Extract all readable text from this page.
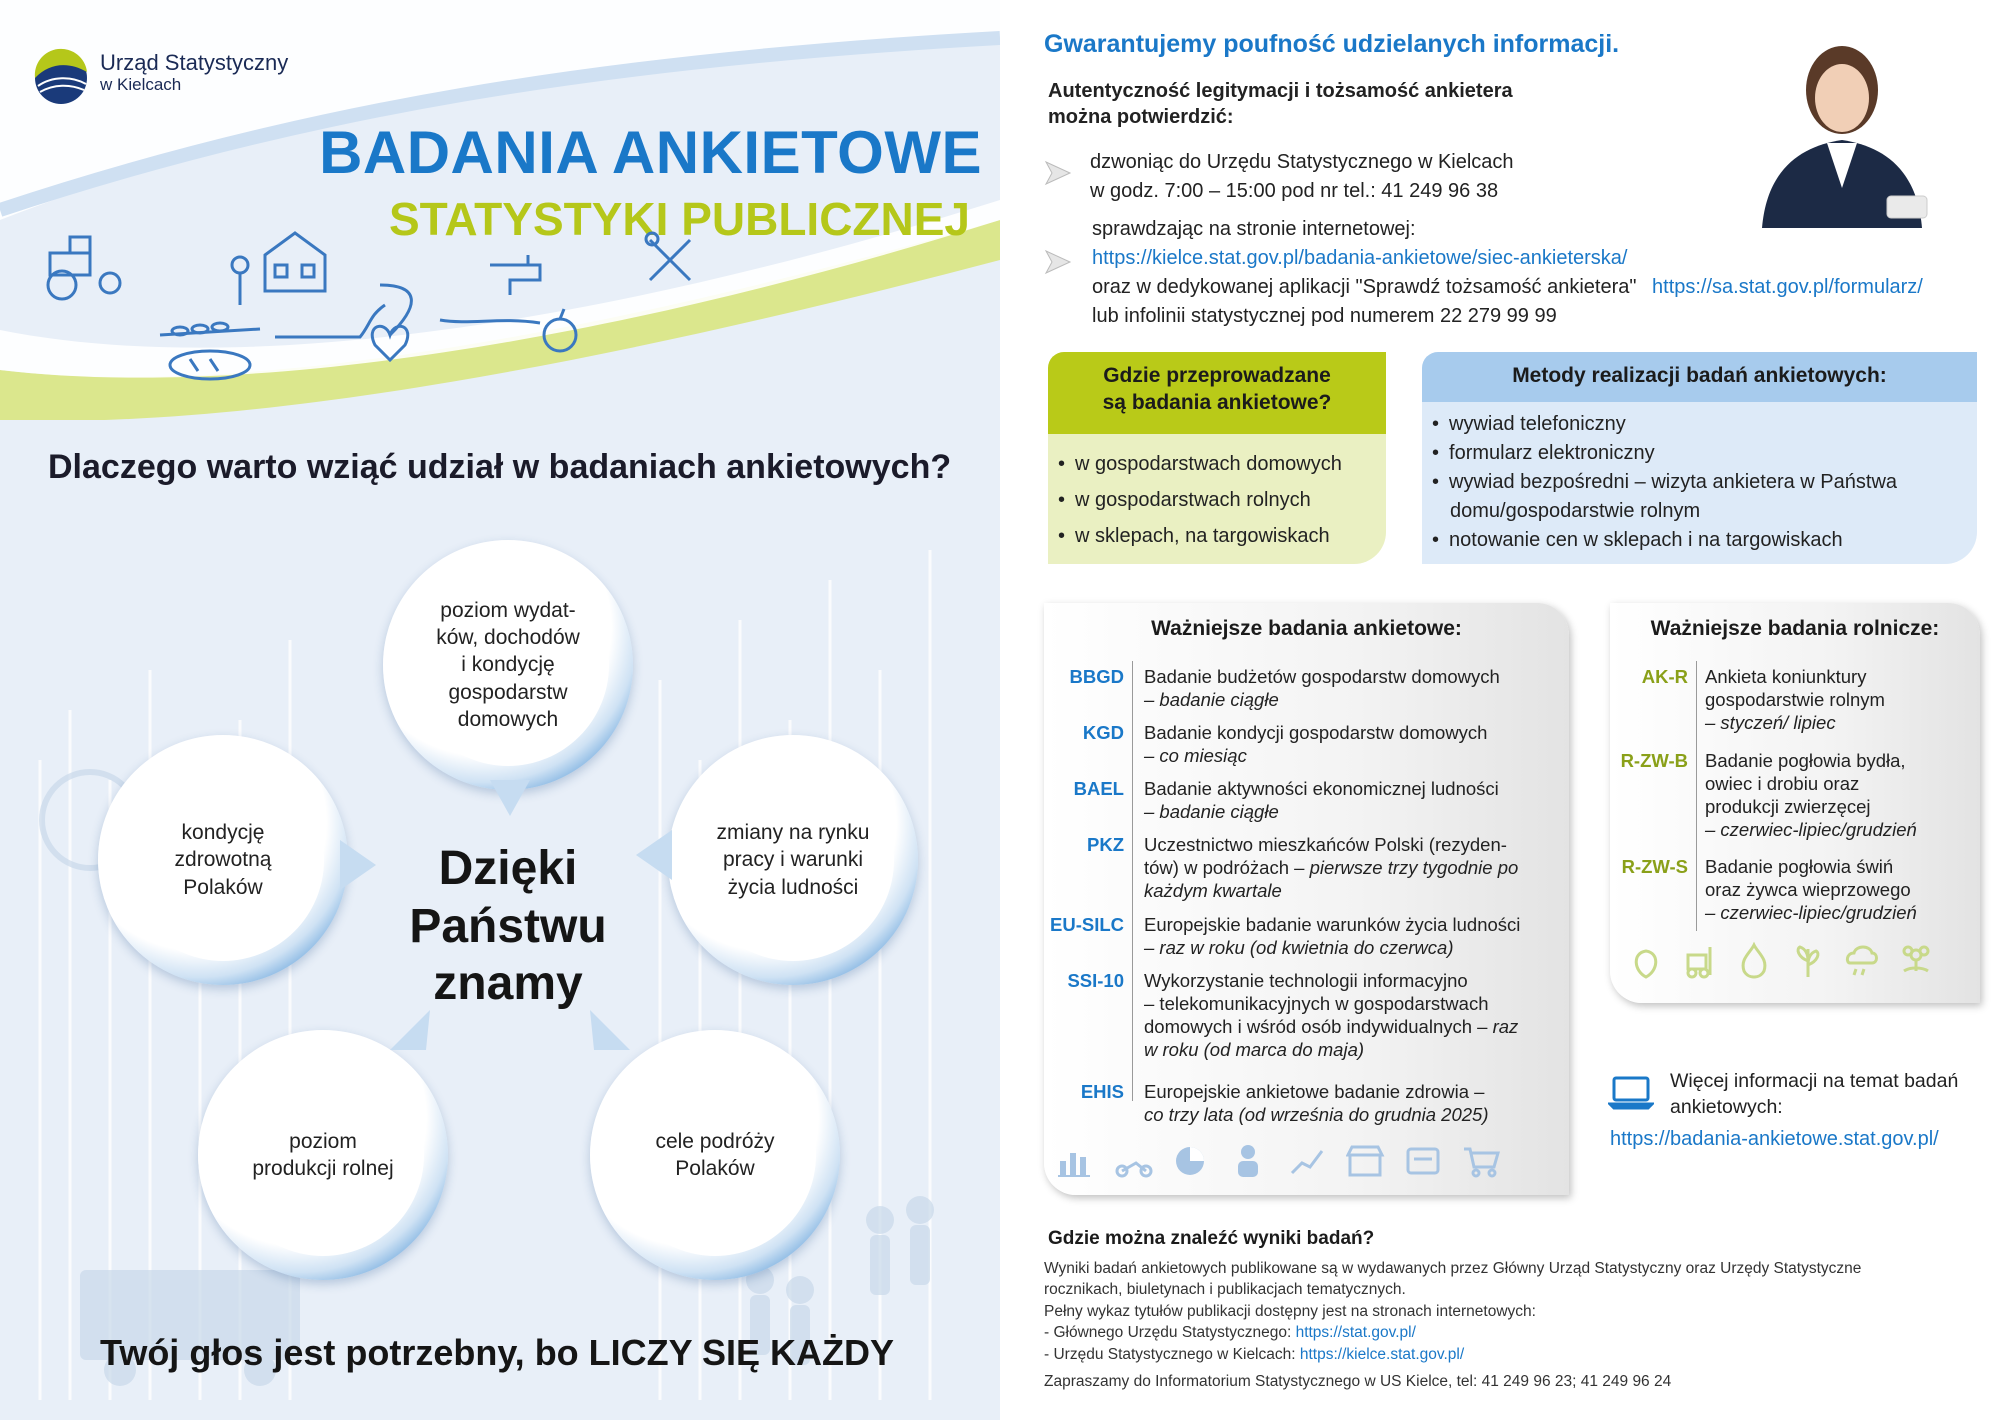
Urząd Statystyczny
w Kielcach
BADANIA ANKIETOWE
STATYSTYKI PUBLICZNEJ
Dlaczego warto wziąć udział w badaniach ankietowych?
poziom wydat-
ków, dochodów
i kondycję
gospodarstw
domowych
kondycję
zdrowotną
Polaków
zmiany na rynku
pracy i warunki
życia ludności
poziom
produkcji rolnej
cele podróży
Polaków
Dzięki
Państwu
znamy
Twój głos jest potrzebny, bo LICZY SIĘ KAŻDY
Gwarantujemy poufność udzielanych informacji.
Autentyczność legitymacji i tożsamość ankietera
można potwierdzić:
dzwoniąc do Urzędu Statystycznego w Kielcach
w godz. 7:00 – 15:00 pod nr tel.: 41 249 96 38
sprawdzając na stronie internetowej:
https://kielce.stat.gov.pl/badania-ankietowe/siec-ankieterska/
oraz w dedykowanej aplikacji "Sprawdź tożsamość ankietera" https://sa.stat.gov.pl/formularz/
lub infolinii statystycznej pod numerem 22 279 99 99
Gdzie przeprowadzane
są badania ankietowe?
• w gospodarstwach domowych
• w gospodarstwach rolnych
• w sklepach, na targowiskach
Metody realizacji badań ankietowych:
• wywiad telefoniczny
• formularz elektroniczny
• wywiad bezpośredni – wizyta ankietera w Państwa
domu/gospodarstwie rolnym
• notowanie cen w sklepach i na targowiskach
Ważniejsze badania ankietowe:
BBGD Badanie budżetów gospodarstw domowych
– badanie ciągłe
KGD Badanie kondycji gospodarstw domowych
– co miesiąc
BAEL Badanie aktywności ekonomicznej ludności
– badanie ciągłe
PKZ Uczestnictwo mieszkańców Polski (rezyden-
tów) w podróżach – pierwsze trzy tygodnie po
każdym kwartale
EU-SILC Europejskie badanie warunków życia ludności
– raz w roku (od kwietnia do czerwca)
SSI-10 Wykorzystanie technologii informacyjno
– telekomunikacyjnych w gospodarstwach
domowych i wśród osób indywidualnych – raz
w roku (od marca do maja)
EHIS Europejskie ankietowe badanie zdrowia –
co trzy lata (od września do grudnia 2025)
Ważniejsze badania rolnicze:
AK-R Ankieta koniunktury
gospodarstwie rolnym
– styczeń/ lipiec
R-ZW-B Badanie pogłowia bydła,
owiec i drobiu oraz
produkcji zwierzęcej
– czerwiec-lipiec/grudzień
R-ZW-S Badanie pogłowia świń
oraz żywca wieprzowego
– czerwiec-lipiec/grudzień
Więcej informacji na temat badań
ankietowych:
https://badania-ankietowe.stat.gov.pl/
Gdzie można znaleźć wyniki badań?
Wyniki badań ankietowych publikowane są w wydawanych przez Główny Urząd Statystyczny oraz Urzędy Statystyczne
rocznikach, biuletynach i publikacjach tematycznych.
Pełny wykaz tytułów publikacji dostępny jest na stronach internetowych:
- Głównego Urzędu Statystycznego: https://stat.gov.pl/
- Urzędu Statystycznego w Kielcach: https://kielce.stat.gov.pl/
Zapraszamy do Informatorium Statystycznego w US Kielce, tel: 41 249 96 23; 41 249 96 24
